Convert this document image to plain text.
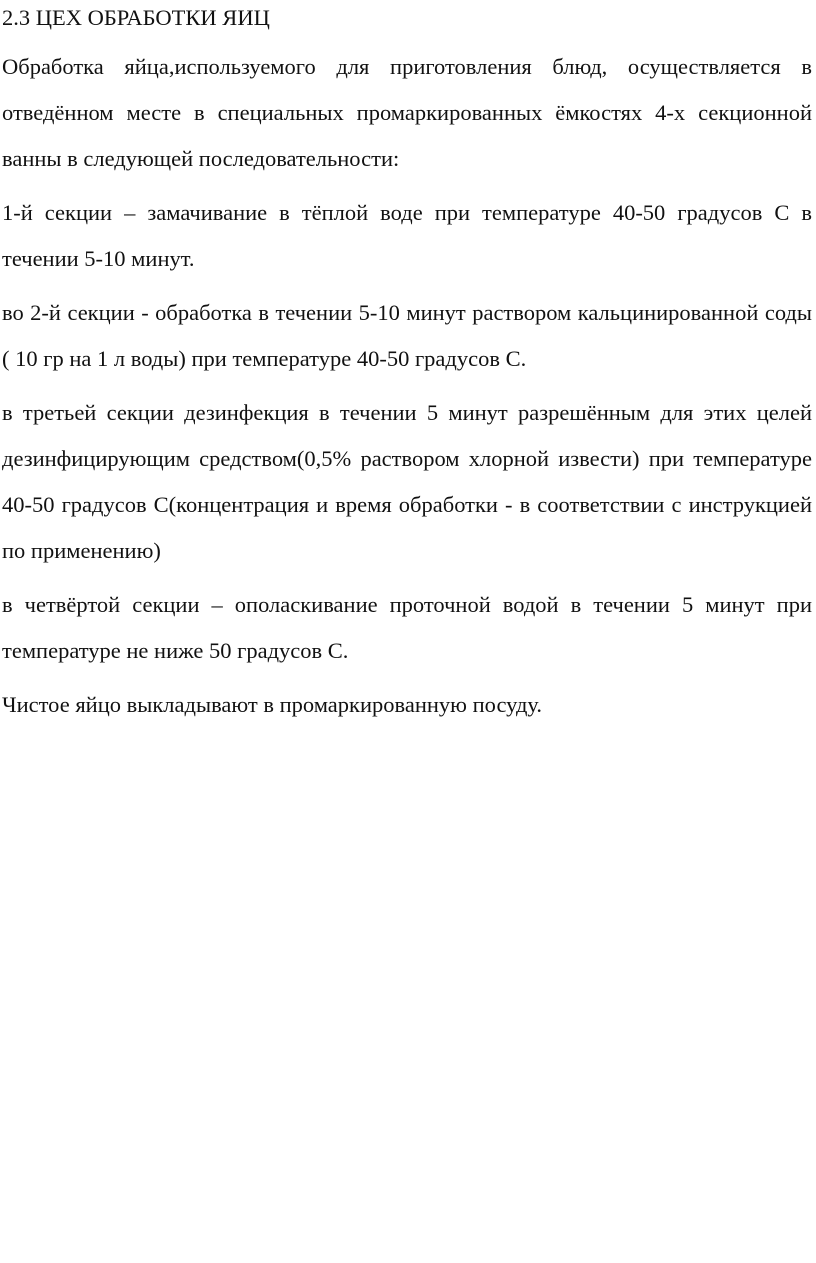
2.3 ЦЕХ ОБРАБОТКИ ЯИЦ

Обработка яйца,используемого для приготовления блюд, осуществляется в отведённом месте в специальных промаркированных ёмкостях 4-х секционной ванны в следующей последовательности:

1-й секции – замачивание в тёплой воде при температуре 40-50 градусов С в течении 5-10 минут.

во 2-й секции - обработка в течении 5-10 минут раствором кальцинированной соды ( 10 гр на 1 л воды) при температуре 40-50 градусов С.

в третьей секции дезинфекция в течении 5 минут разрешённым для этих целей дезинфицирующим средством(0,5% раствором хлорной извести) при температуре 40-50 градусов С(концентрация и время обработки - в соответствии с инструкцией по применению)

в четвёртой секции – ополаскивание проточной водой в течении 5 минут при температуре не ниже 50 градусов С.

Чистое яйцо выкладывают в промаркированную посуду.
